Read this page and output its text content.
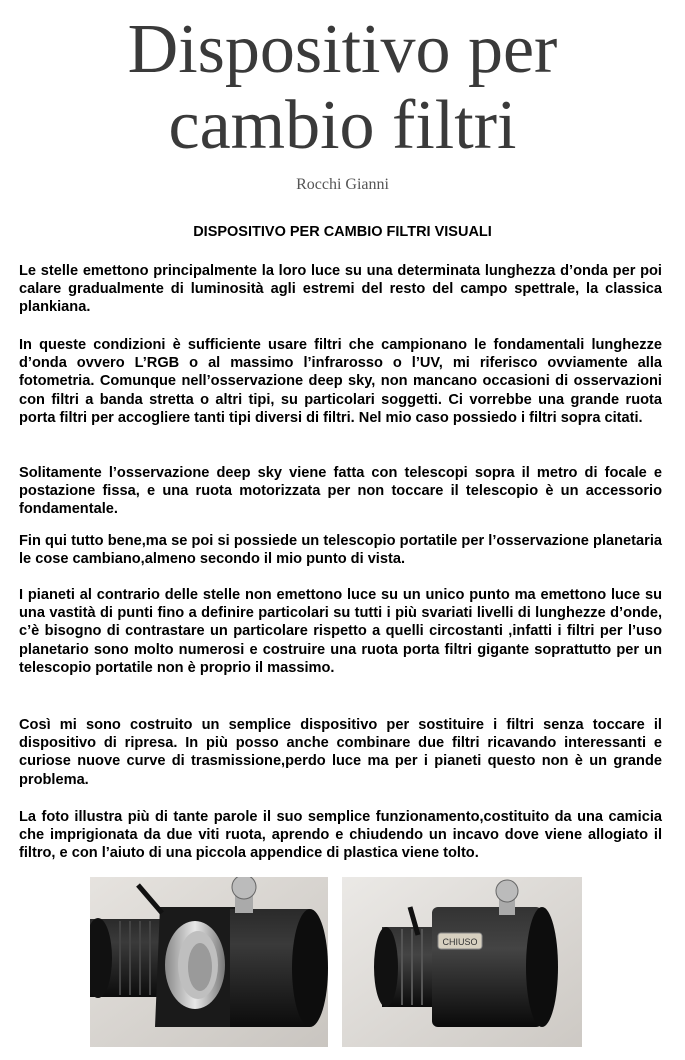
Dispositivo per
cambio filtri
Rocchi Gianni
DISPOSITIVO PER CAMBIO FILTRI VISUALI

Le stelle emettono principalmente la loro luce su una determinata lunghezza d’onda per poi calare gradualmente di luminosità agli estremi del resto del campo spettrale, la classica plankiana.

In queste condizioni è sufficiente usare filtri che campionano le fondamentali lunghezze d’onda ovvero L’RGB o al massimo l’infrarosso o l’UV, mi riferisco ovviamente alla fotometria. Comunque nell’osservazione deep sky, non mancano occasioni di osservazioni con filtri a banda stretta o altri tipi, su particolari soggetti. Ci vorrebbe una grande ruota porta filtri per accogliere tanti tipi diversi di filtri. Nel mio caso possiedo i filtri sopra citati.

Solitamente l’osservazione deep sky viene fatta con telescopi sopra il metro di focale e postazione fissa, e una ruota motorizzata per non toccare il telescopio è un accessorio fondamentale.

Fin qui tutto bene,ma se poi si possiede un telescopio portatile per l’osservazione planetaria le cose cambiano,almeno secondo il mio punto di vista.

I pianeti al contrario delle stelle non emettono luce su un unico punto ma emettono luce su una vastità di punti fino a definire particolari su tutti i più svariati livelli di lunghezze d’onde, c’è bisogno di contrastare un particolare rispetto a quelli circostanti ,infatti i filtri per l’uso planetario sono molto numerosi e costruire una ruota porta filtri gigante soprattutto per un telescopio portatile non è proprio il massimo.

Così mi sono costruito un semplice dispositivo per sostituire i filtri senza toccare il dispositivo di ripresa. In più posso anche combinare due filtri ricavando interessanti e curiose nuove curve di trasmissione,perdo luce ma per i pianeti questo non è un grande problema.

La foto illustra più di tante parole il suo semplice funzionamento,costituito da una camicia che imprigionata da due viti ruota, aprendo e chiudendo un incavo dove viene allogiato il filtro, e con l’aiuto di una piccola appendice di plastica viene tolto.

CHIUSO
